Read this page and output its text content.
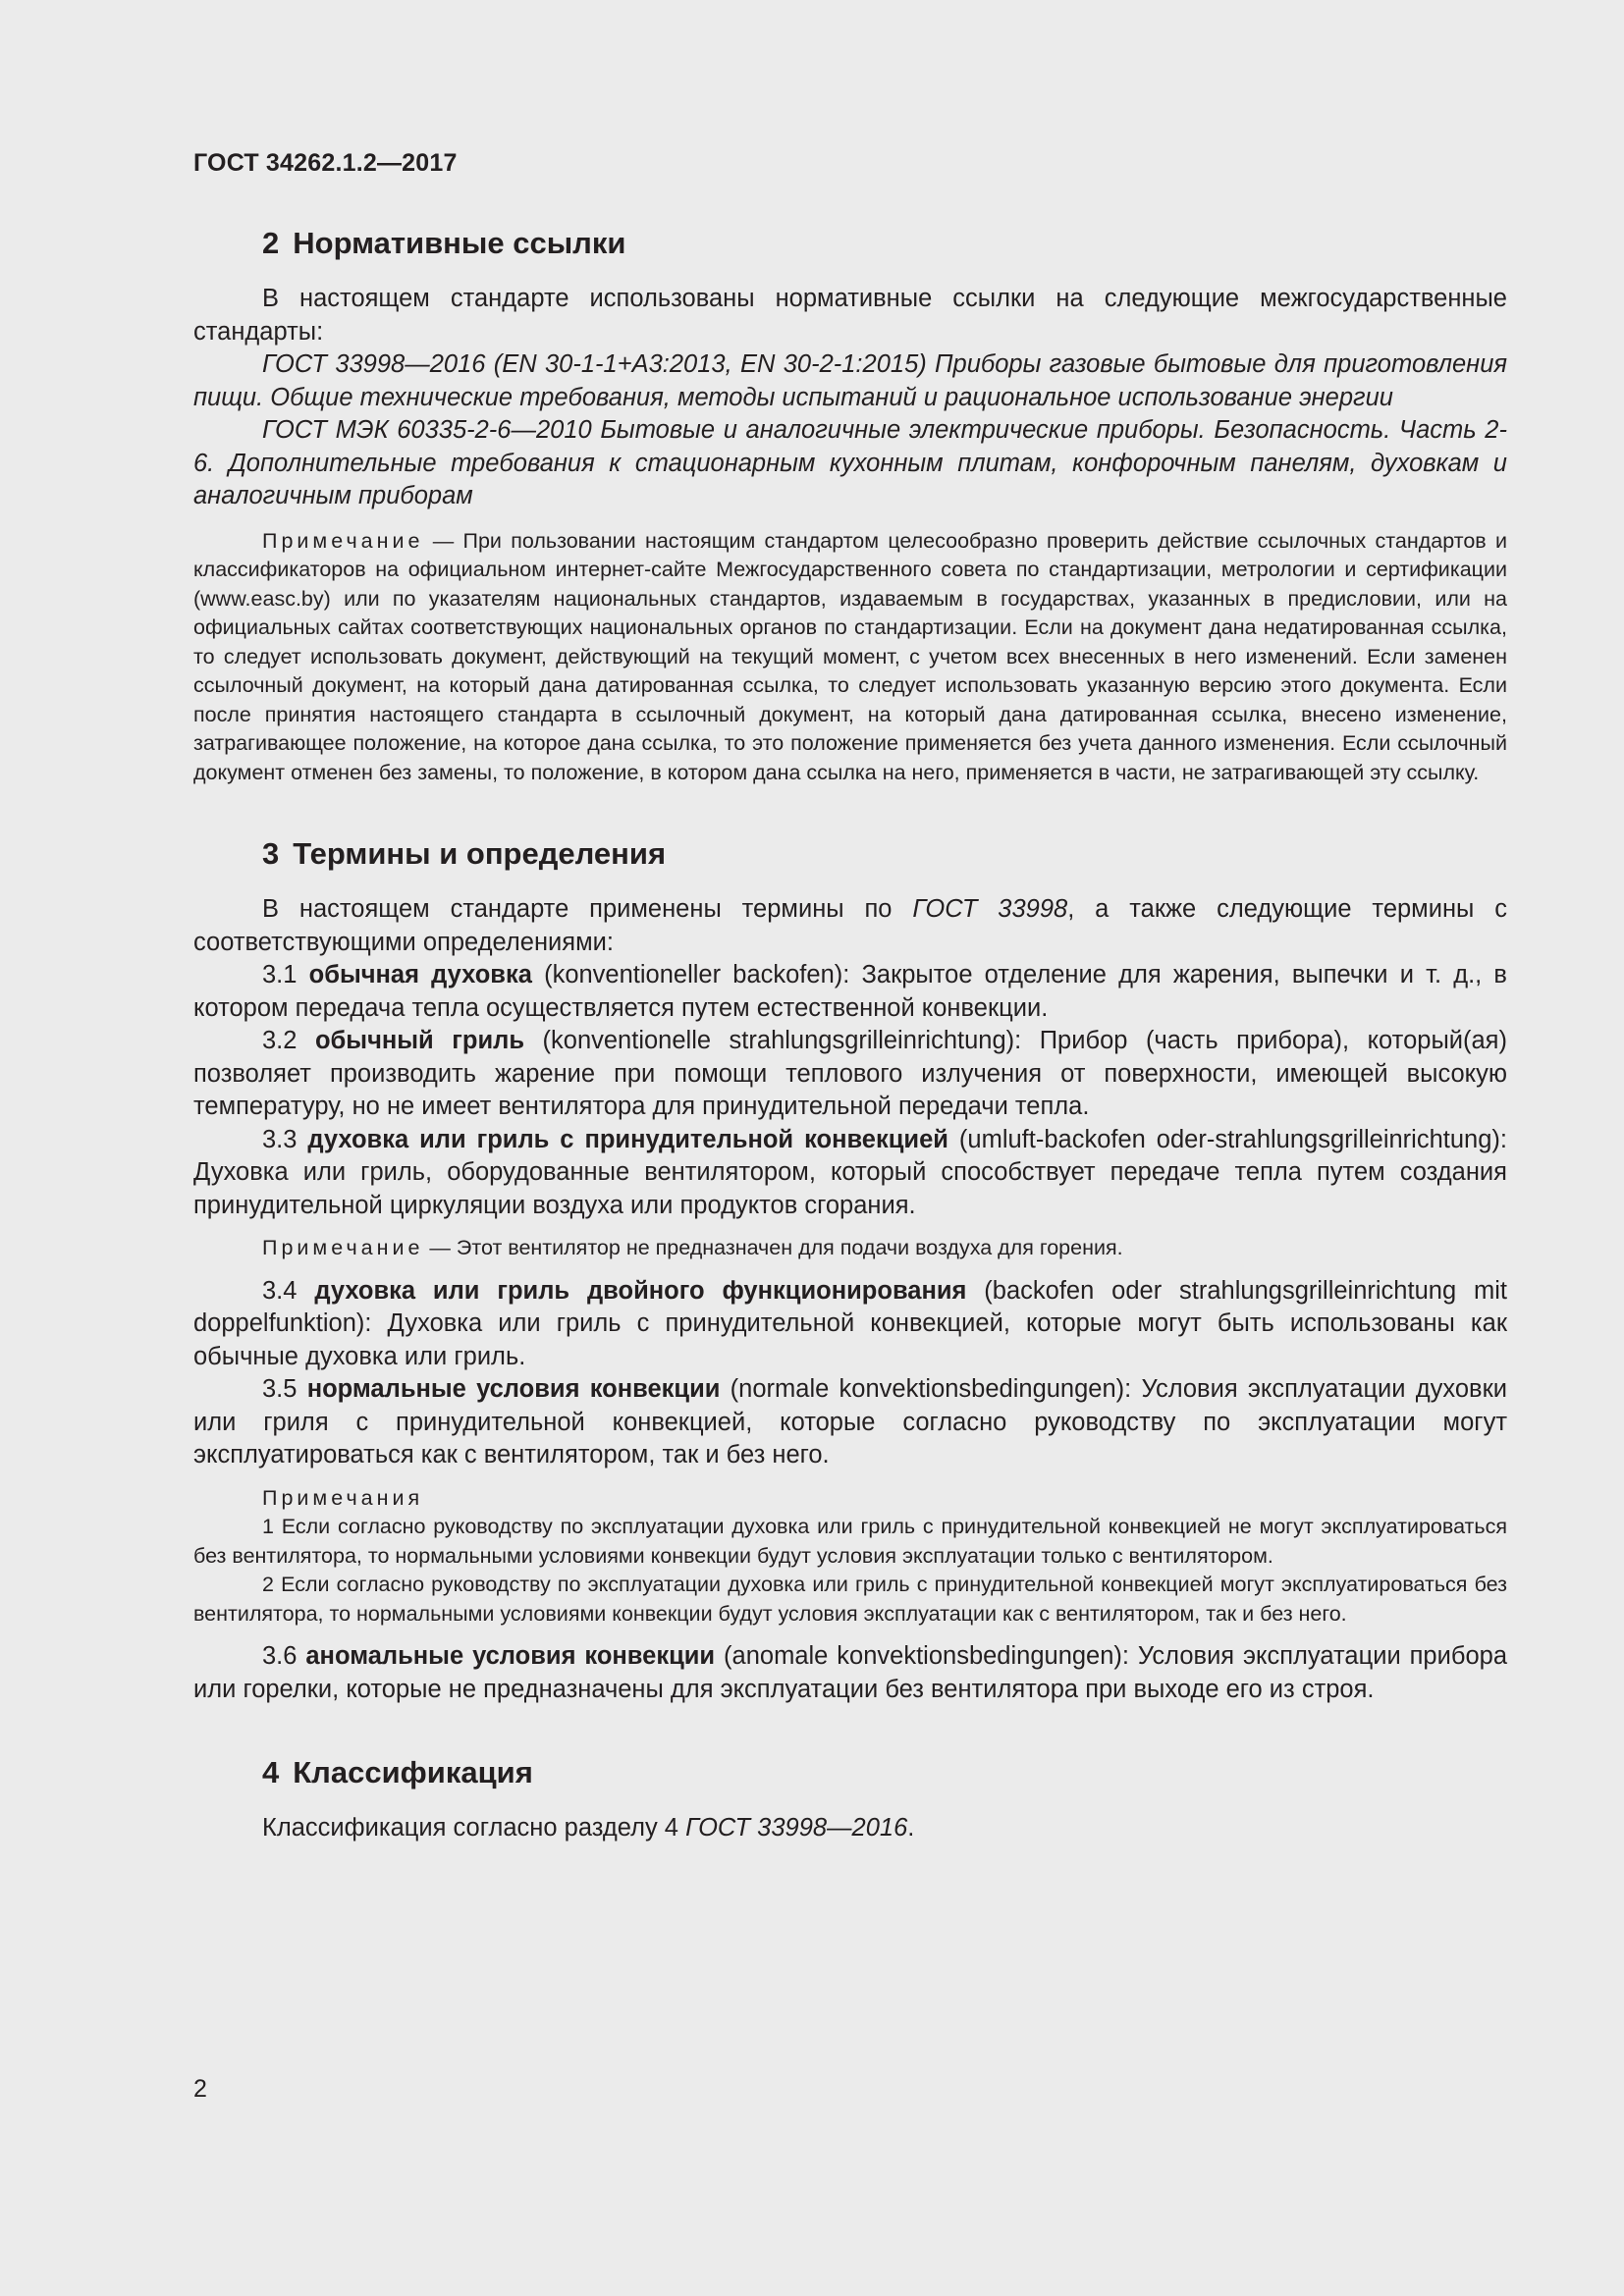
ГОСТ 34262.1.2—2017
2 Нормативные ссылки

В настоящем стандарте использованы нормативные ссылки на следующие межгосударственные стандарты:

ГОСТ 33998—2016 (EN 30-1-1+A3:2013, EN 30-2-1:2015) Приборы газовые бытовые для приготовления пищи. Общие технические требования, методы испытаний и рациональное использование энергии

ГОСТ МЭК 60335-2-6—2010 Бытовые и аналогичные электрические приборы. Безопасность. Часть 2-6. Дополнительные требования к стационарным кухонным плитам, конфорочным панелям, духовкам и аналогичным приборам

Примечание — При пользовании настоящим стандартом целесообразно проверить действие ссылочных стандартов и классификаторов на официальном интернет-сайте Межгосударственного совета по стандартизации, метрологии и сертификации (www.easc.by) или по указателям национальных стандартов, издаваемым в государствах, указанных в предисловии, или на официальных сайтах соответствующих национальных органов по стандартизации. Если на документ дана недатированная ссылка, то следует использовать документ, действующий на текущий момент, с учетом всех внесенных в него изменений. Если заменен ссылочный документ, на который дана датированная ссылка, то следует использовать указанную версию этого документа. Если после принятия настоящего стандарта в ссылочный документ, на который дана датированная ссылка, внесено изменение, затрагивающее положение, на которое дана ссылка, то это положение применяется без учета данного изменения. Если ссылочный документ отменен без замены, то положение, в котором дана ссылка на него, применяется в части, не затрагивающей эту ссылку.

3 Термины и определения

В настоящем стандарте применены термины по ГОСТ 33998, а также следующие термины с соответствующими определениями:

3.1 обычная духовка (konventioneller backofen): Закрытое отделение для жарения, выпечки и т. д., в котором передача тепла осуществляется путем естественной конвекции.

3.2 обычный гриль (konventionelle strahlungsgrilleinrichtung): Прибор (часть прибора), который(ая) позволяет производить жарение при помощи теплового излучения от поверхности, имеющей высокую температуру, но не имеет вентилятора для принудительной передачи тепла.

3.3 духовка или гриль с принудительной конвекцией (umluft-backofen oder-strahlungsgrilleinrichtung): Духовка или гриль, оборудованные вентилятором, который способствует передаче тепла путем создания принудительной циркуляции воздуха или продуктов сгорания.

Примечание — Этот вентилятор не предназначен для подачи воздуха для горения.

3.4 духовка или гриль двойного функционирования (backofen oder strahlungsgrilleinrichtung mit doppelfunktion): Духовка или гриль с принудительной конвекцией, которые могут быть использованы как обычные духовка или гриль.

3.5 нормальные условия конвекции (normale konvektionsbedingungen): Условия эксплуатации духовки или гриля с принудительной конвекцией, которые согласно руководству по эксплуатации могут эксплуатироваться как с вентилятором, так и без него.

Примечания

1 Если согласно руководству по эксплуатации духовка или гриль с принудительной конвекцией не могут эксплуатироваться без вентилятора, то нормальными условиями конвекции будут условия эксплуатации только с вентилятором.

2 Если согласно руководству по эксплуатации духовка или гриль с принудительной конвекцией могут эксплуатироваться без вентилятора, то нормальными условиями конвекции будут условия эксплуатации как с вентилятором, так и без него.

3.6 аномальные условия конвекции (anomale konvektionsbedingungen): Условия эксплуатации прибора или горелки, которые не предназначены для эксплуатации без вентилятора при выходе его из строя.

4 Классификация

Классификация согласно разделу 4 ГОСТ 33998—2016.

2
